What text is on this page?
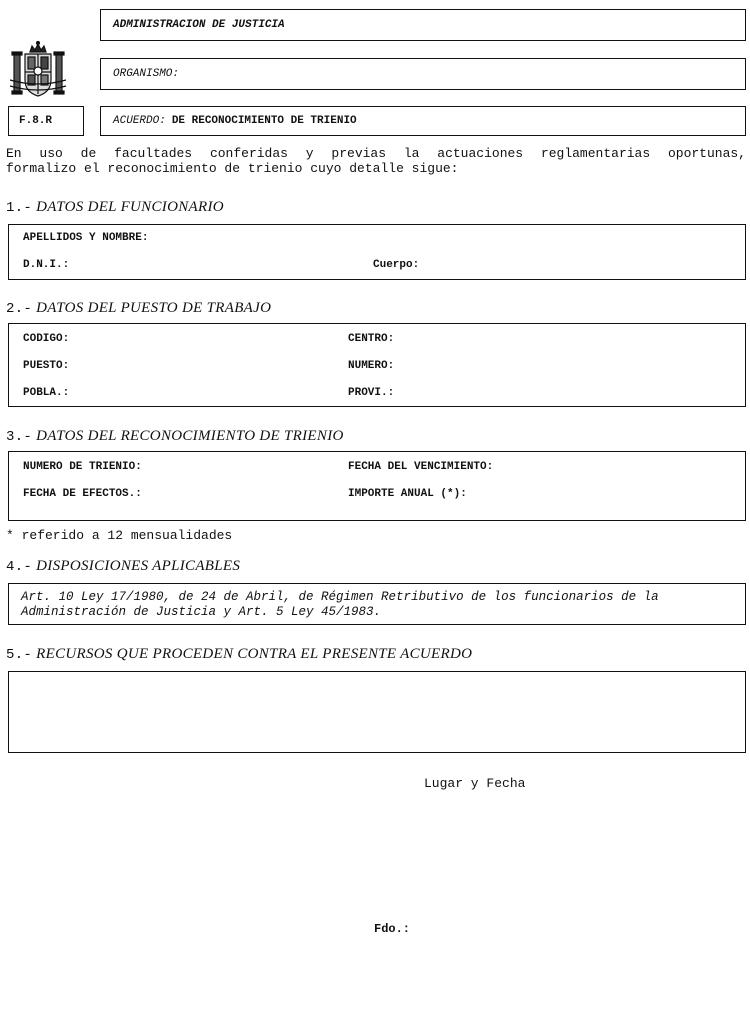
ADMINISTRACION DE JUSTICIA
ORGANISMO:
F.8.R	ACUERDO: DE RECONOCIMIENTO DE TRIENIO
En uso de facultades conferidas y previas la actuaciones reglamentarias oportunas,
formalizo el reconocimiento de trienio cuyo detalle sigue:
1.- DATOS DEL FUNCIONARIO
APELLIDOS Y NOMBRE:
D.N.I.:	Cuerpo:
2.- DATOS DEL PUESTO DE TRABAJO
CODIGO:	CENTRO:
PUESTO:	NUMERO:
POBLA.:	PROVI.:
3.- DATOS DEL RECONOCIMIENTO DE TRIENIO
NUMERO DE TRIENIO:	FECHA DEL VENCIMIENTO:
FECHA DE EFECTOS.:	IMPORTE ANUAL (*):
* referido a 12 mensualidades
4.- DISPOSICIONES APLICABLES
Art. 10 Ley 17/1980, de 24 de Abril, de Régimen Retributivo de los funcionarios de la
Administración de Justicia y Art. 5 Ley 45/1983.
5.- RECURSOS QUE PROCEDEN CONTRA EL PRESENTE ACUERDO
Lugar y Fecha
Fdo.:
